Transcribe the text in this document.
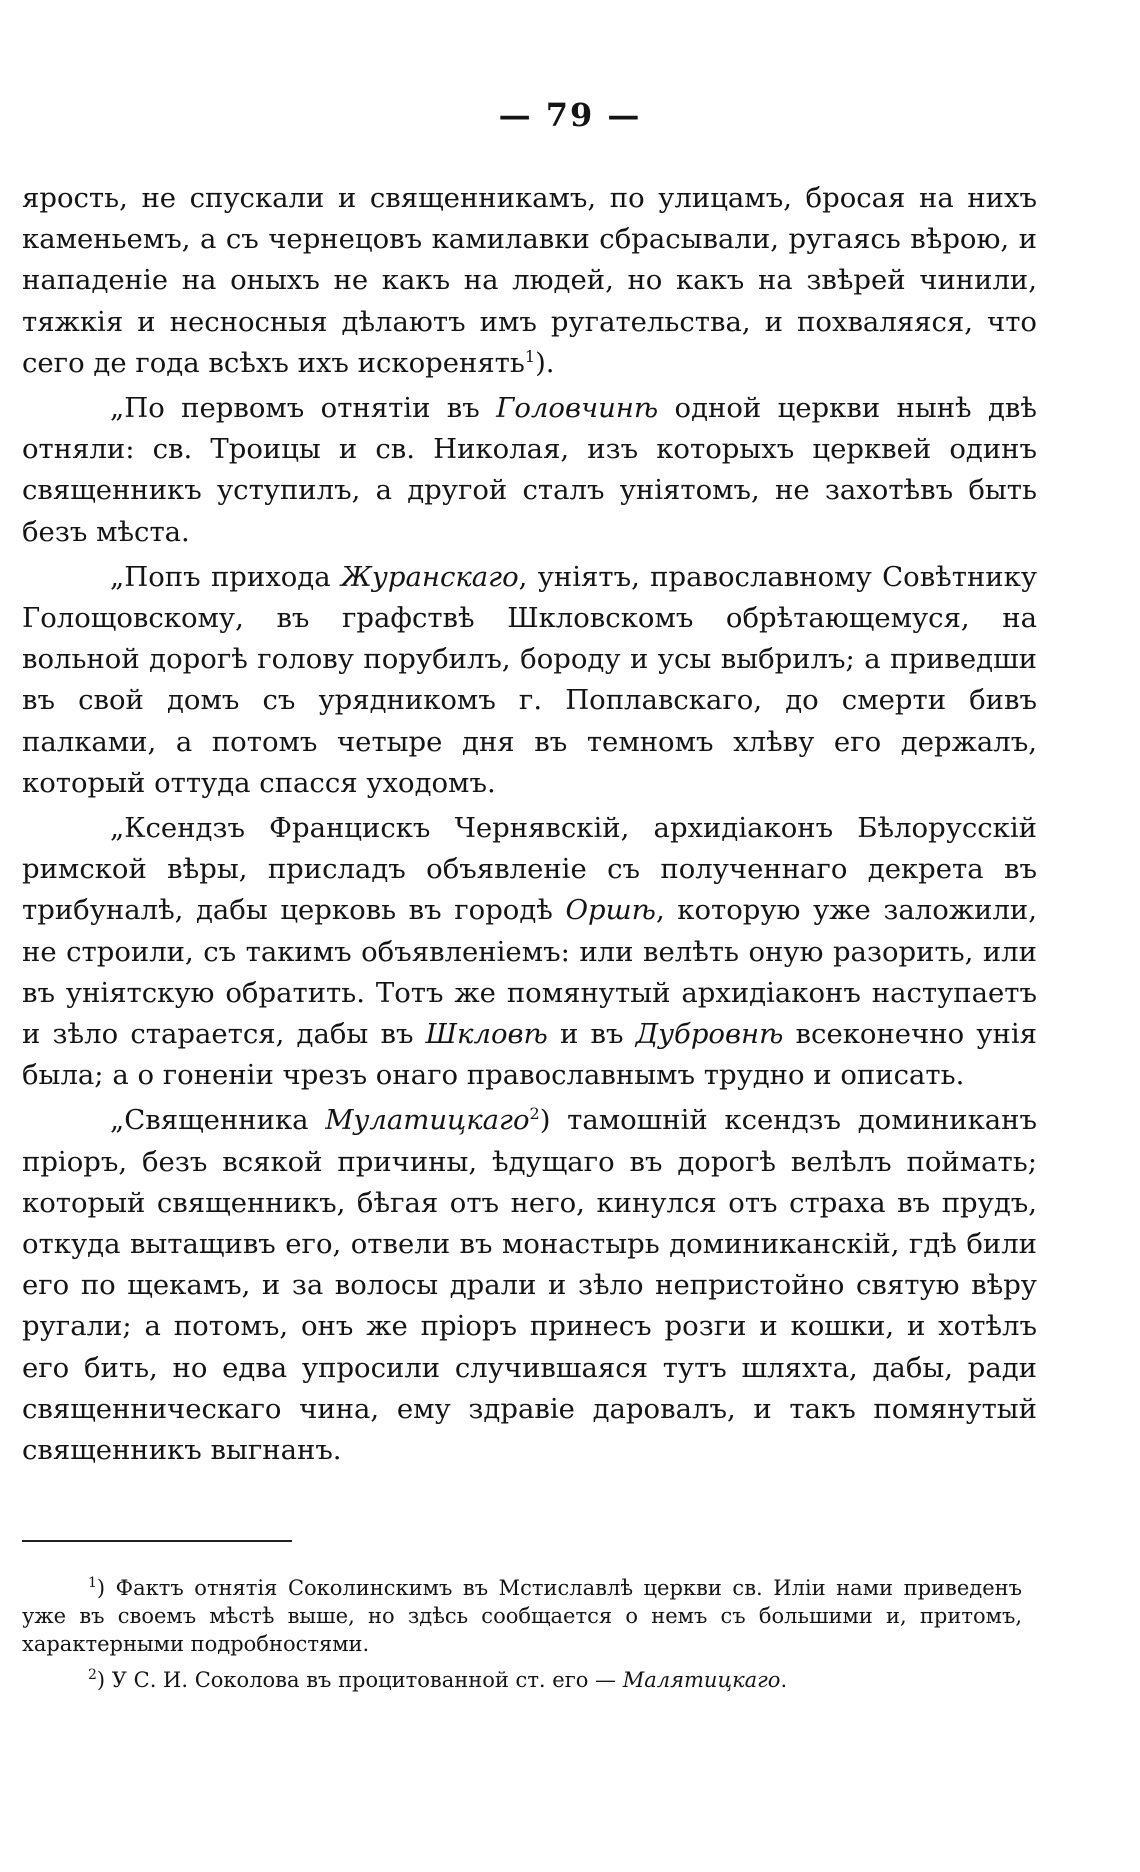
— 79 —

ярость, не спускали и священникамъ, по улицамъ, бросая на нихъ каменьемъ, а съ чернецовъ камилавки сбрасывали, ругаясь вѣрою, и нападеніе на оныхъ не какъ на людей, но какъ на звѣрей чинили, тяжкія и несносныя дѣлаютъ имъ ругательства, и похваляяся, что сего де года всѣхъ ихъ искоренять$^1$).

„По первомъ отнятіи въ Головчинѣ одной церкви нынѣ двѣ отняли: св. Троицы и св. Николая, изъ которыхъ церквей одинъ священникъ уступилъ, а другой сталъ уніятомъ, не захотѣвъ быть безъ мѣста.

„Попъ прихода Журанскаго, уніятъ, православному Совѣтнику Голощовскому, въ графствѣ Шкловскомъ обрѣтающемуся, на вольной дорогѣ голову порубилъ, бороду и усы выбрилъ; а приведши въ свой домъ съ урядникомъ г. Поплавскаго, до смерти бивъ палками, а потомъ четыре дня въ темномъ хлѣву его держалъ, который оттуда спасся уходомъ.

„Ксендзъ Францискъ Чернявскій, архидіаконъ Бѣлорусскій римской вѣры, присладъ объявленіе съ полученнаго декрета въ трибуналѣ, дабы церковь въ городѣ Оршѣ, которую уже заложили, не строили, съ такимъ объявленіемъ: или велѣть оную разорить, или въ уніятскую обратить. Тотъ же помянутый архидіаконъ наступаетъ и зѣло старается, дабы въ Шкловѣ и въ Дубровнѣ всеконечно унія была; а о гоненіи чрезъ онаго православнымъ трудно и описать.

„Священника Мулатицкаго$^2$) тамошній ксендзъ доминиканъ пріоръ, безъ всякой причины, ѣдущаго въ дорогѣ велѣлъ поймать; который священникъ, бѣгая отъ него, кинулся отъ страха въ прудъ, откуда вытащивъ его, отвели въ монастырь доминиканскій, гдѣ били его по щекамъ, и за волосы драли и зѣло непристойно святую вѣру ругали; а потомъ, онъ же пріоръ принесъ розги и кошки, и хотѣлъ его бить, но едва упросили случившаяся тутъ шляхта, дабы, ради священническаго чина, ему здравіе даровалъ, и такъ помянутый священникъ выгнанъ.

$^1$) Фактъ отнятія Соколинскимъ въ Мстиславлѣ церкви св. Иліи нами приведенъ уже въ своемъ мѣстѣ выше, но здѣсь сообщается о немъ съ большими и, притомъ, характерными подробностями.

$^2$) У С. И. Соколова въ процитованной ст. его — Малятицкаго.
